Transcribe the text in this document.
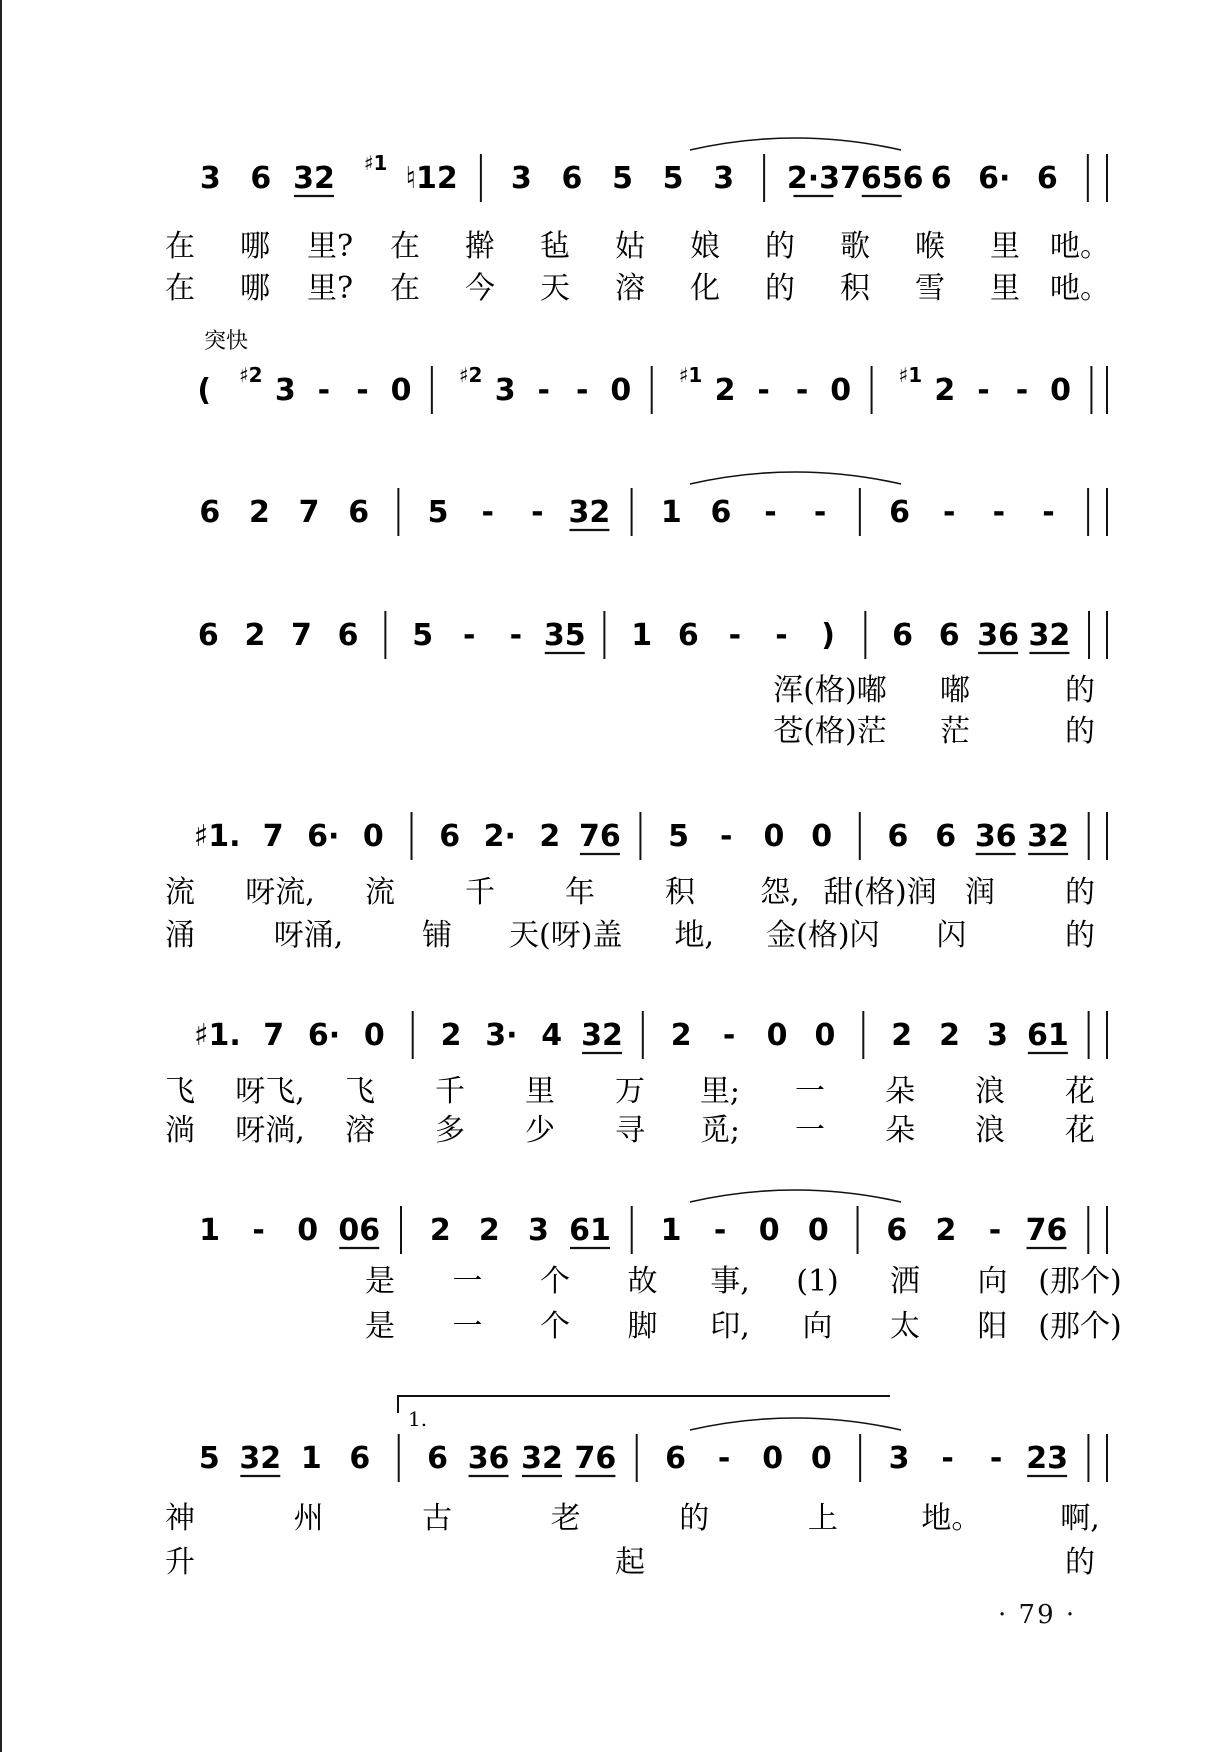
3 6 32 ♯1 ♮12 3 6 5 5 3 2·3 7656 6 6· 6
在 哪 里? 在 擀 毡 姑 娘 的 歌 喉 里 吔。
在 哪 里? 在 今 天 溶 化 的 积 雪 里 吔。
突快
( ♯2 3 - - 0 ♯2 3 - - 0 ♯1 2 - - 0 ♯1 2 - - 0
6 2 7 6 5 - - 32 1 6 - - 6 - - -
6 2 7 6 5 - - 35 1 6 - - ) 6 6 36 32
浑(格)嘟 嘟	的
苍(格)茫 茫	的
♯1. 7 6· 0 6 2· 2 76 5 - 0 0 6 6 36 32
流 呀流, 流 千 年 积 怨, 甜(格)润 润 的
涌	呀涌,	铺 天(呀)盖 地, 金(格)闪 闪	的
♯1. 7 6· 0 2 3· 4 32 2 - 0 0 2 2 3 61
飞 呀飞, 飞 千 里 万 里; 一 朵 浪 花
淌 呀淌, 溶 多 少 寻 觅; 一 朵 浪 花
1 - 0 06 2 2 3 61 1 - 0 0 6 2 - 76
是 一 个 故 事, (1) 洒 向 (那个)
是 一 个 脚 印, 向 太 阳 (那个)
1.
5 32 1 6 6 36 32 76 6 - 0 0 3 - - 23
神	州	古	老	的	上	地。	啊,
升	起	的
· 79 ·
